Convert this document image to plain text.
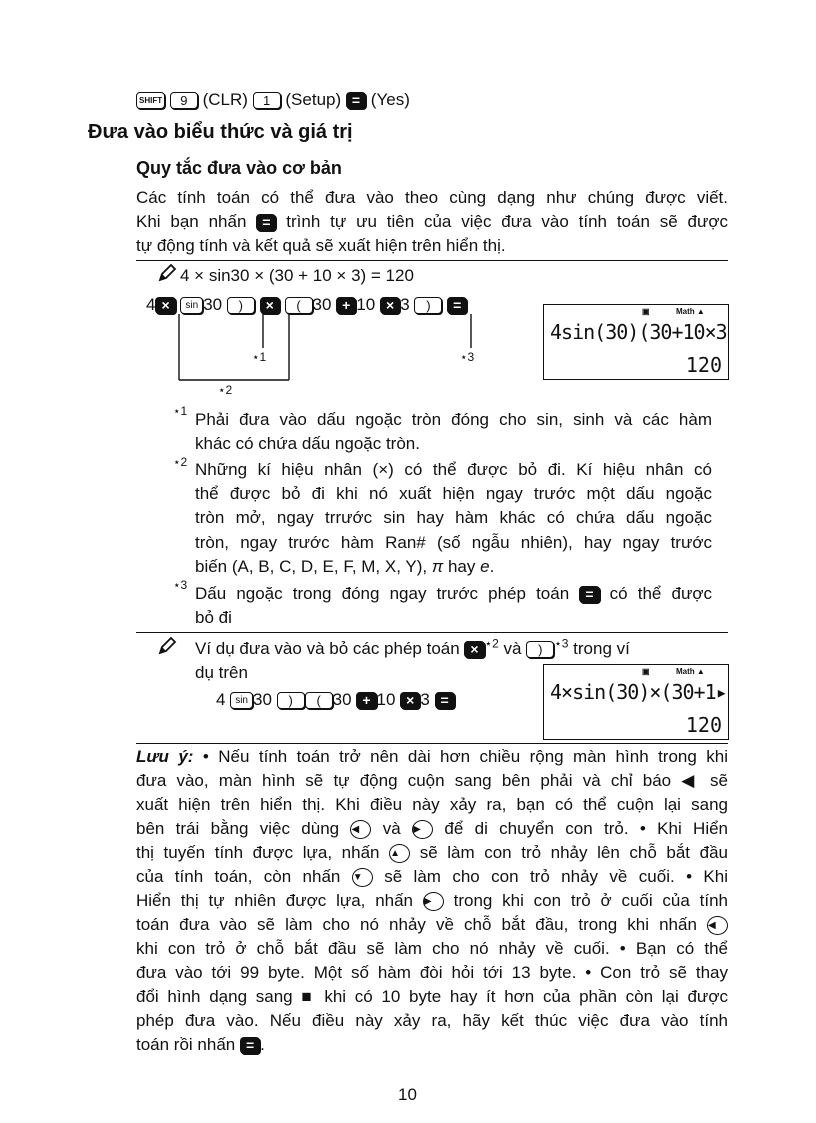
SHIFT 9 (CLR) 1 (Setup) = (Yes)
Đưa vào biểu thức và giá trị
Quy tắc đưa vào cơ bản
Các tính toán có thể đưa vào theo cùng dạng như chúng được viết.
Khi bạn nhấn = trình tự ưu tiên của việc đưa vào tính toán sẽ được
tự động tính và kết quả sẽ xuất hiện trên hiển thị.
4 × sin30 × (30 + 10 × 3) = 120
4 × sin 30 ) × ( 30 + 10 × 3 ) =
⋆1
⋆2
⋆3
▣	Math ▲
4sin(30)(30+10×3
120
⋆1 Phải đưa vào dấu ngoặc tròn đóng cho sin, sinh và các hàm
khác có chứa dấu ngoặc tròn.
⋆2 Những kí hiệu nhân (×) có thể được bỏ đi. Kí hiệu nhân có
thể được bỏ đi khi nó xuất hiện ngay trước một dấu ngoặc
tròn mở, ngay trrước sin hay hàm khác có chứa dấu ngoặc
tròn, ngay trước hàm Ran# (số ngẫu nhiên), hay ngay trước
biến (A, B, C, D, E, F, M, X, Y), π hay e.
⋆3 Dấu ngoặc trong đóng ngay trước phép toán = có thể được
bỏ đi
Ví dụ đưa vào và bỏ các phép toán × $^{⋆2}$ và ) $^{⋆3}$ trong ví
dụ trên
4 sin 30 ) ( 30 + 10 × 3 =
▣	Math ▲
4×sin(30)×(30+1▸
120
Lưu ý: • Nếu tính toán trở nên dài hơn chiều rộng màn hình trong khi
đưa vào, màn hình sẽ tự động cuộn sang bên phải và chỉ báo ◀ sẽ
xuất hiện trên hiển thị. Khi điều này xảy ra, bạn có thể cuộn lại sang
bên trái bằng việc dùng ◀ và ▶ để di chuyển con trỏ. • Khi Hiển
thị tuyến tính được lựa, nhấn ▲ sẽ làm con trỏ nhảy lên chỗ bắt đầu
của tính toán, còn nhấn ▼ sẽ làm cho con trỏ nhảy về cuối. • Khi
Hiển thị tự nhiên được lựa, nhấn ▶ trong khi con trỏ ở cuối của tính
toán đưa vào sẽ làm cho nó nhảy về chỗ bắt đầu, trong khi nhấn ◀
khi con trỏ ở chỗ bắt đầu sẽ làm cho nó nhảy về cuối. • Bạn có thể
đưa vào tới 99 byte. Một số hàm đòi hỏi tới 13 byte. • Con trỏ sẽ thay
đổi hình dạng sang ■ khi có 10 byte hay ít hơn của phần còn lại được
phép đưa vào. Nếu điều này xảy ra, hãy kết thúc việc đưa vào tính
toán rồi nhấn = .
10
